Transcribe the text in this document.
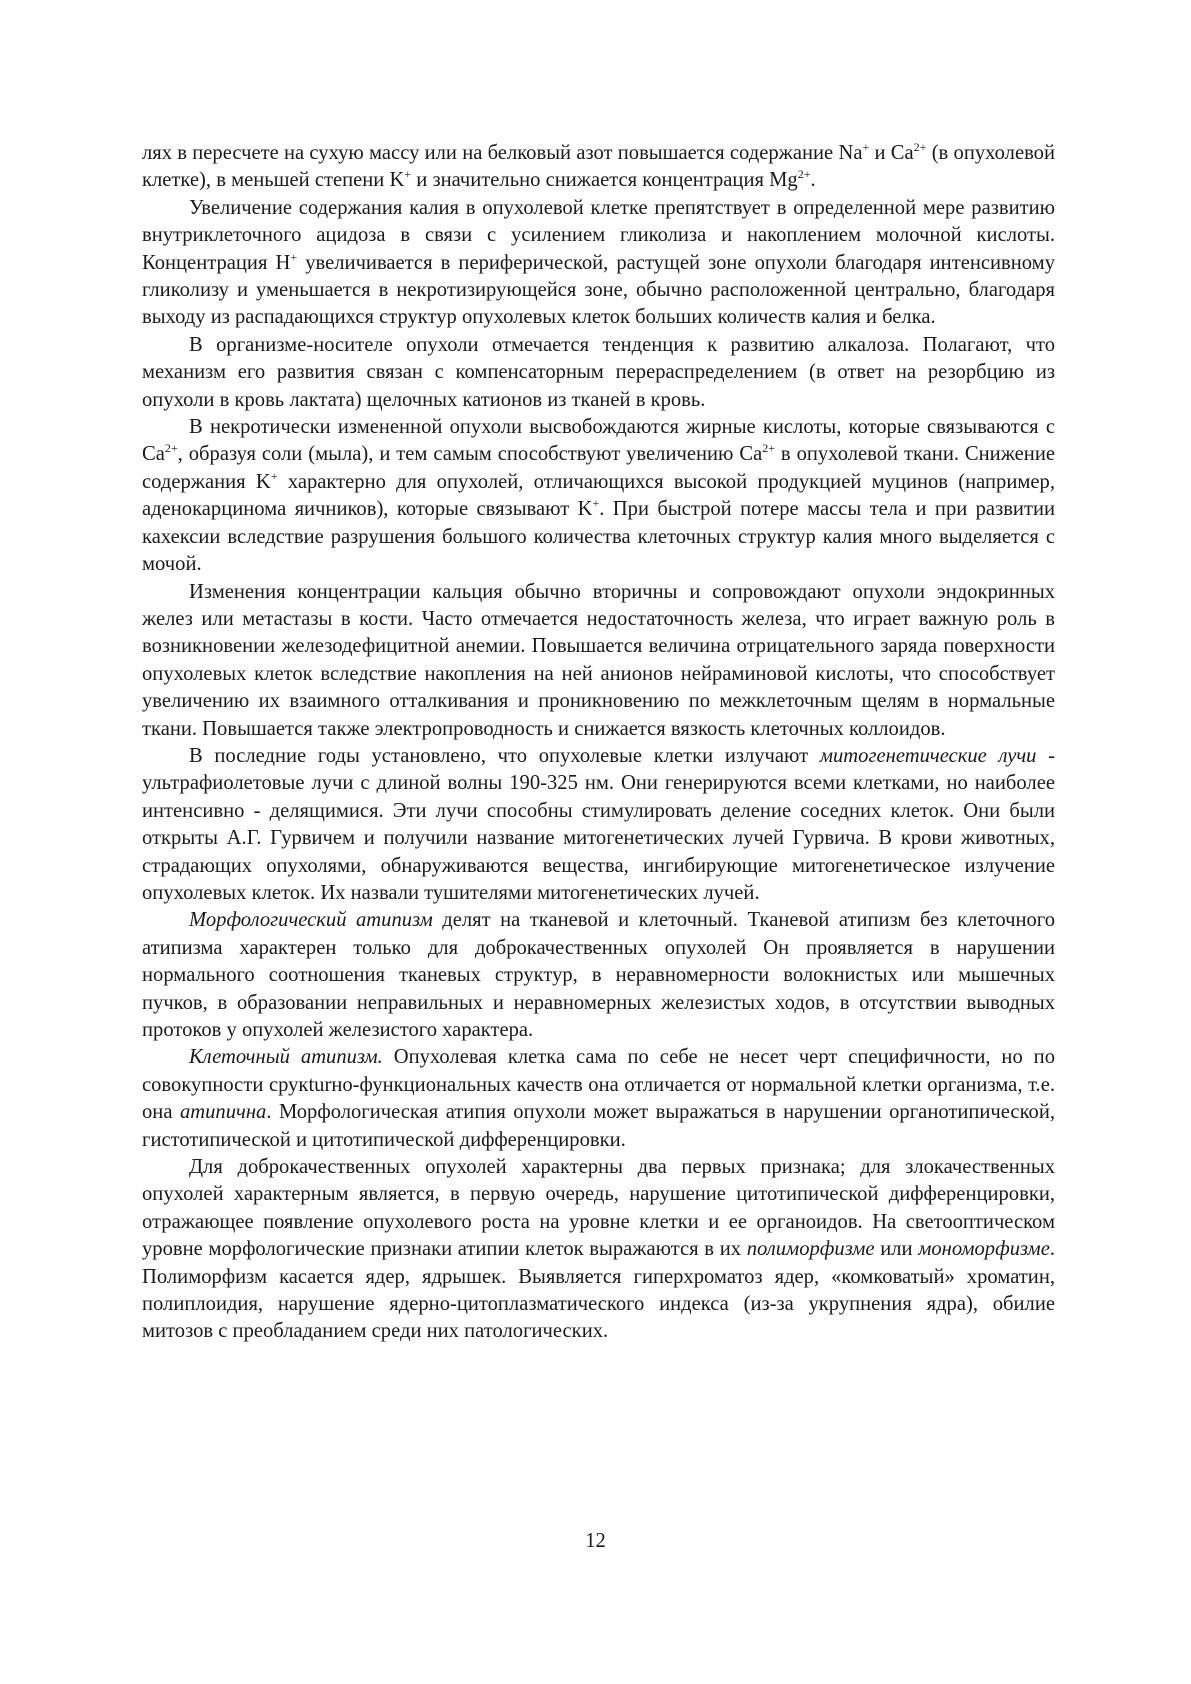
лях в пересчете на сухую массу или на белковый азот повышается содержание Na+ и $Ca^{2+}$ (в опухолевой клетке), в меньшей степени K+ и значительно снижается концентрация $Mg^{2+}$.

Увеличение содержания калия в опухолевой клетке препятствует в определенной мере развитию внутриклеточного ацидоза в связи с усилением гликолиза и накоплением молочной кислоты. Концентрация H+ увеличивается в периферической, растущей зоне опухоли благодаря интенсивному гликолизу и уменьшается в некротизирующейся зоне, обычно расположенной центрально, благодаря выходу из распадающихся структур опухолевых клеток больших количеств калия и белка.

В организме-носителе опухоли отмечается тенденция к развитию алкалоза. Полагают, что механизм его развития связан с компенсаторным перераспределением (в ответ на резорбцию из опухоли в кровь лактата) щелочных катионов из тканей в кровь.

В некротически измененной опухоли высвобождаются жирные кислоты, которые связываются с $Ca^{2+}$, образуя соли (мыла), и тем самым способствуют увеличению $Ca^{2+}$ в опухолевой ткани. Снижение содержания K+ характерно для опухолей, отличающихся высокой продукцией муцинов (например, аденокарцинома яичников), которые связывают K+. При быстрой потере массы тела и при развитии кахексии вследствие разрушения большого количества клеточных структур калия много выделяется с мочой.

Изменения концентрации кальция обычно вторичны и сопровождают опухоли эндокринных желез или метастазы в кости. Часто отмечается недостаточность железа, что играет важную роль в возникновении железодефицитной анемии. Повышается величина отрицательного заряда поверхности опухолевых клеток вследствие накопления на ней анионов нейраминовой кислоты, что способствует увеличению их взаимного отталкивания и проникновению по межклеточным щелям в нормальные ткани. Повышается также электропроводность и снижается вязкость клеточных коллоидов.

В последние годы установлено, что опухолевые клетки излучают митогенетические лучи - ультрафиолетовые лучи с длиной волны 190-325 нм. Они генерируются всеми клетками, но наиболее интенсивно - делящимися. Эти лучи способны стимулировать деление соседних клеток. Они были открыты А.Г. Гурвичем и получили название митогенетических лучей Гурвича. В крови животных, страдающих опухолями, обнаруживаются вещества, ингибирующие митогенетическое излучение опухолевых клеток. Их назвали тушителями митогенетических лучей.

Морфологический атипизм делят на тканевой и клеточный. Тканевой атипизм без клеточного атипизма характерен только для доброкачественных опухолей Он проявляется в нарушении нормального соотношения тканевых структур, в неравномерности волокнистых или мышечных пучков, в образовании неправильных и неравномерных железистых ходов, в отсутствии выводных протоков у опухолей железистого характера.

Клеточный атипизм. Опухолевая клетка сама по себе не несет черт специфичности, но по совокупности срукturно-функциональных качеств она отличается от нормальной клетки организма, т.е. она атипична. Морфологическая атипия опухоли может выражаться в нарушении органотипической, гистотипической и цитотипической дифференцировки.

Для доброкачественных опухолей характерны два первых признака; для злокачественных опухолей характерным является, в первую очередь, нарушение цитотипической дифференцировки, отражающее появление опухолевого роста на уровне клетки и ее органоидов. На светооптическом уровне морфологические признаки атипии клеток выражаются в их полиморфизме или мономорфизме. Полиморфизм касается ядер, ядрышек. Выявляется гиперхроматоз ядер, «комковатый» хроматин, полиплоидия, нарушение ядерно-цитоплазматического индекса (из-за укрупнения ядра), обилие митозов с преобладанием среди них патологических.

12
